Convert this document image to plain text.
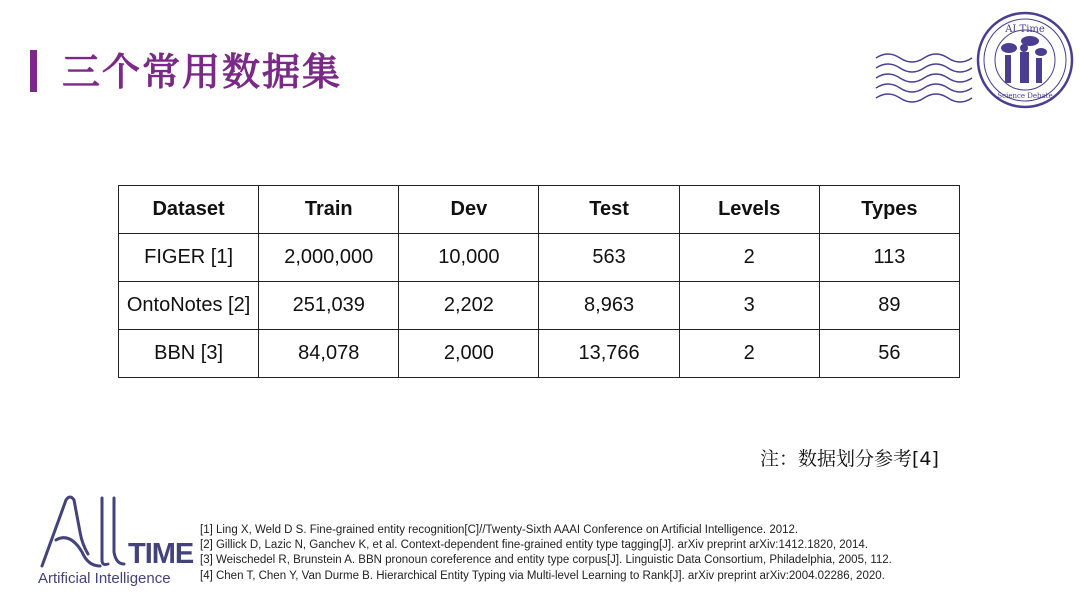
三个常用数据集
AI Time
Science Debate
Dataset	Train	Dev	Test	Levels	Types
FIGER [1]	2,000,000	10,000	563	2	113
OntoNotes [2]	251,039	2,202	8,963	3	89
BBN [3]	84,078	2,000	13,766	2	56
注：数据划分参考[4]
TIME
Artificial Intelligence
[1] Ling X, Weld D S. Fine-grained entity recognition[C]//Twenty-Sixth AAAI Conference on Artificial Intelligence. 2012.
[2] Gillick D, Lazic N, Ganchev K, et al. Context-dependent fine-grained entity type tagging[J]. arXiv preprint arXiv:1412.1820, 2014.
[3] Weischedel R, Brunstein A. BBN pronoun coreference and entity type corpus[J]. Linguistic Data Consortium, Philadelphia, 2005, 112.
[4] Chen T, Chen Y, Van Durme B. Hierarchical Entity Typing via Multi-level Learning to Rank[J]. arXiv preprint arXiv:2004.02286, 2020.
